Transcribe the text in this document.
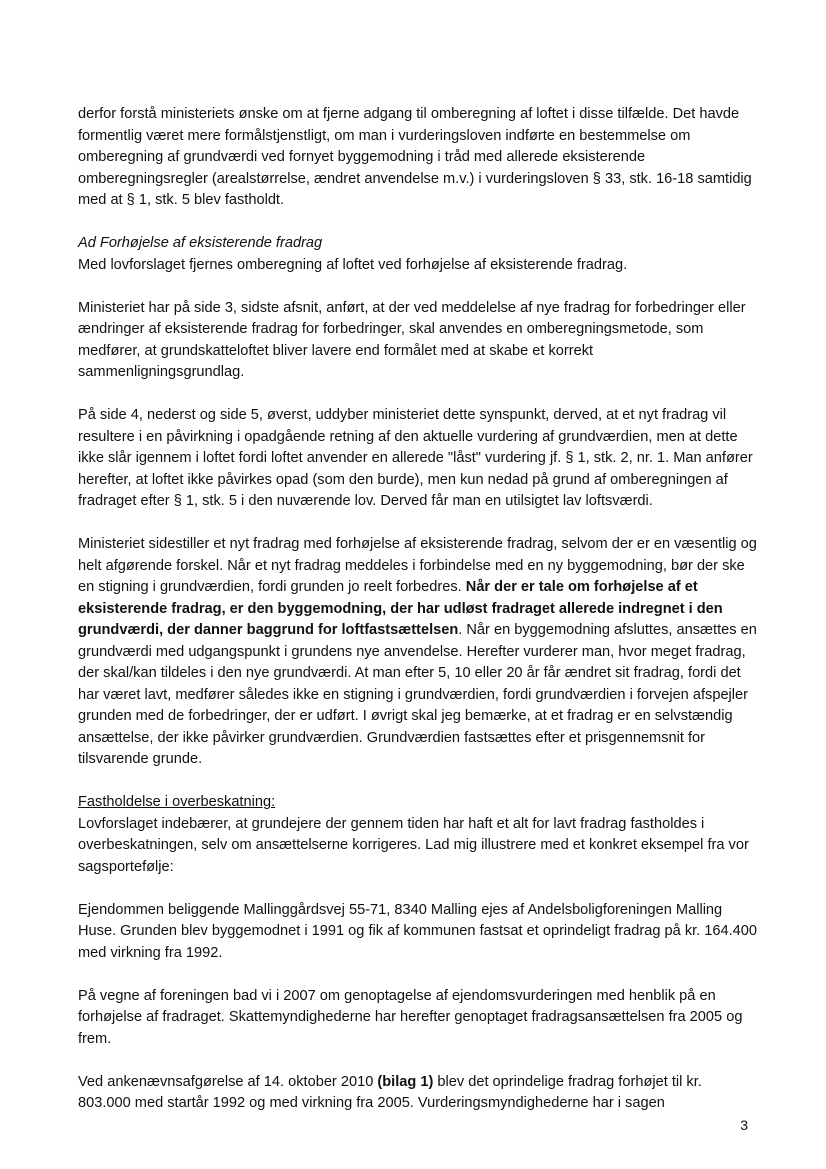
derfor forstå ministeriets ønske om at fjerne adgang til omberegning af loftet i disse tilfælde. Det havde formentlig været mere formålstjenstligt, om man i vurderingsloven indførte en bestemmelse om omberegning af grundværdi ved fornyet byggemodning i tråd med allerede eksisterende omberegningsregler (arealstørrelse, ændret anvendelse m.v.) i vurderingsloven § 33, stk. 16-18 samtidig med at § 1, stk. 5 blev fastholdt.

Ad Forhøjelse af eksisterende fradrag
Med lovforslaget fjernes omberegning af loftet ved forhøjelse af eksisterende fradrag.

Ministeriet har på side 3, sidste afsnit, anført, at der ved meddelelse af nye fradrag for forbedringer eller ændringer af eksisterende fradrag for forbedringer, skal anvendes en omberegningsmetode, som medfører, at grundskatteloftet bliver lavere end formålet med at skabe et korrekt sammenligningsgrundlag.

På side 4, nederst og side 5, øverst, uddyber ministeriet dette synspunkt, derved, at et nyt fradrag vil resultere i en påvirkning i opadgående retning af den aktuelle vurdering af grundværdien, men at dette ikke slår igennem i loftet fordi loftet anvender en allerede "låst" vurdering jf. § 1, stk. 2, nr. 1. Man anfører herefter, at loftet ikke påvirkes opad (som den burde), men kun nedad på grund af omberegningen af fradraget efter § 1, stk. 5 i den nuværende lov. Derved får man en utilsigtet lav loftsværdi.

Ministeriet sidestiller et nyt fradrag med forhøjelse af eksisterende fradrag, selvom der er en væsentlig og helt afgørende forskel. Når et nyt fradrag meddeles i forbindelse med en ny byggemodning, bør der ske en stigning i grundværdien, fordi grunden jo reelt forbedres. Når der er tale om forhøjelse af et eksisterende fradrag, er den byggemodning, der har udløst fradraget allerede indregnet i den grundværdi, der danner baggrund for loftfastsættelsen. Når en byggemodning afsluttes, ansættes en grundværdi med udgangspunkt i grundens nye anvendelse. Herefter vurderer man, hvor meget fradrag, der skal/kan tildeles i den nye grundværdi. At man efter 5, 10 eller 20 år får ændret sit fradrag, fordi det har været lavt, medfører således ikke en stigning i grundværdien, fordi grundværdien i forvejen afspejler grunden med de forbedringer, der er udført. I øvrigt skal jeg bemærke, at et fradrag er en selvstændig ansættelse, der ikke påvirker grundværdien. Grundværdien fastsættes efter et prisgennemsnit for tilsvarende grunde.

Fastholdelse i overbeskatning:
Lovforslaget indebærer, at grundejere der gennem tiden har haft et alt for lavt fradrag fastholdes i overbeskatningen, selv om ansættelserne korrigeres. Lad mig illustrere med et konkret eksempel fra vor sagsportefølje:

Ejendommen beliggende Mallinggårdsvej 55-71, 8340 Malling ejes af Andelsboligforeningen Malling Huse. Grunden blev byggemodnet i 1991 og fik af kommunen fastsat et oprindeligt fradrag på kr. 164.400 med virkning fra 1992.

På vegne af foreningen bad vi i 2007 om genoptagelse af ejendomsvurderingen med henblik på en forhøjelse af fradraget. Skattemyndighederne har herefter genoptaget fradragsansættelsen fra 2005 og frem.

Ved ankenævnsafgørelse af 14. oktober 2010 (bilag 1) blev det oprindelige fradrag forhøjet til kr. 803.000 med startår 1992 og med virkning fra 2005. Vurderingsmyndighederne har i sagen

3
